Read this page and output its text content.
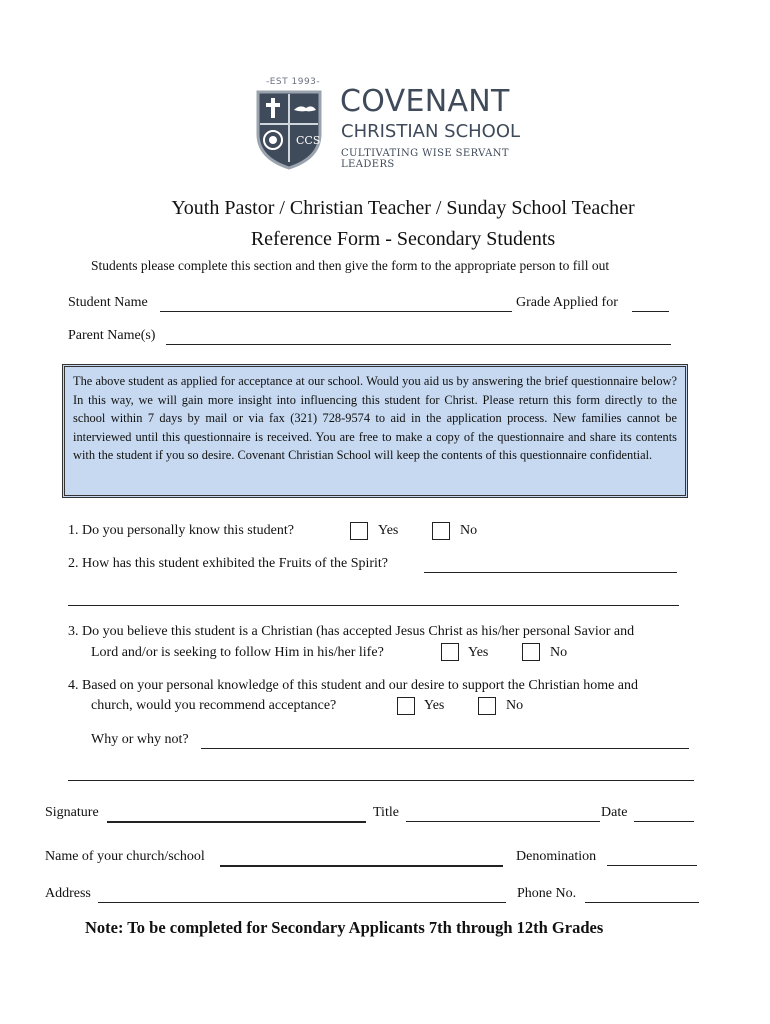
-EST 1993-
CCS
COVENANT
CHRISTIAN SCHOOL
CULTIVATING WISE SERVANT LEADERS
Youth Pastor / Christian Teacher / Sunday School Teacher
Reference Form - Secondary Students
Students please complete this section and then give the form to the appropriate person to fill out
Student Name	Grade Applied for
Parent Name(s)
The above student as applied for acceptance at our school. Would you aid us by answering the brief questionnaire below? In this way, we will gain more insight into influencing this student for Christ. Please return this form directly to the school within 7 days by mail or via fax (321) 728-9574 to aid in the application process. New families cannot be interviewed until this questionnaire is received. You are free to make a copy of the questionnaire and share its contents with the student if you so desire. Covenant Christian School will keep the contents of this questionnaire confidential.
1. Do you personally know this student?	Yes	No
2. How has this student exhibited the Fruits of the Spirit?
3. Do you believe this student is a Christian (has accepted Jesus Christ as his/her personal Savior and
Lord and/or is seeking to follow Him in his/her life?	Yes	No
4. Based on your personal knowledge of this student and our desire to support the Christian home and
church, would you recommend acceptance?	Yes	No
Why or why not?
Signature	Title	Date
Name of your church/school	Denomination
Address	Phone No.
Note: To be completed for Secondary Applicants 7th through 12th Grades
